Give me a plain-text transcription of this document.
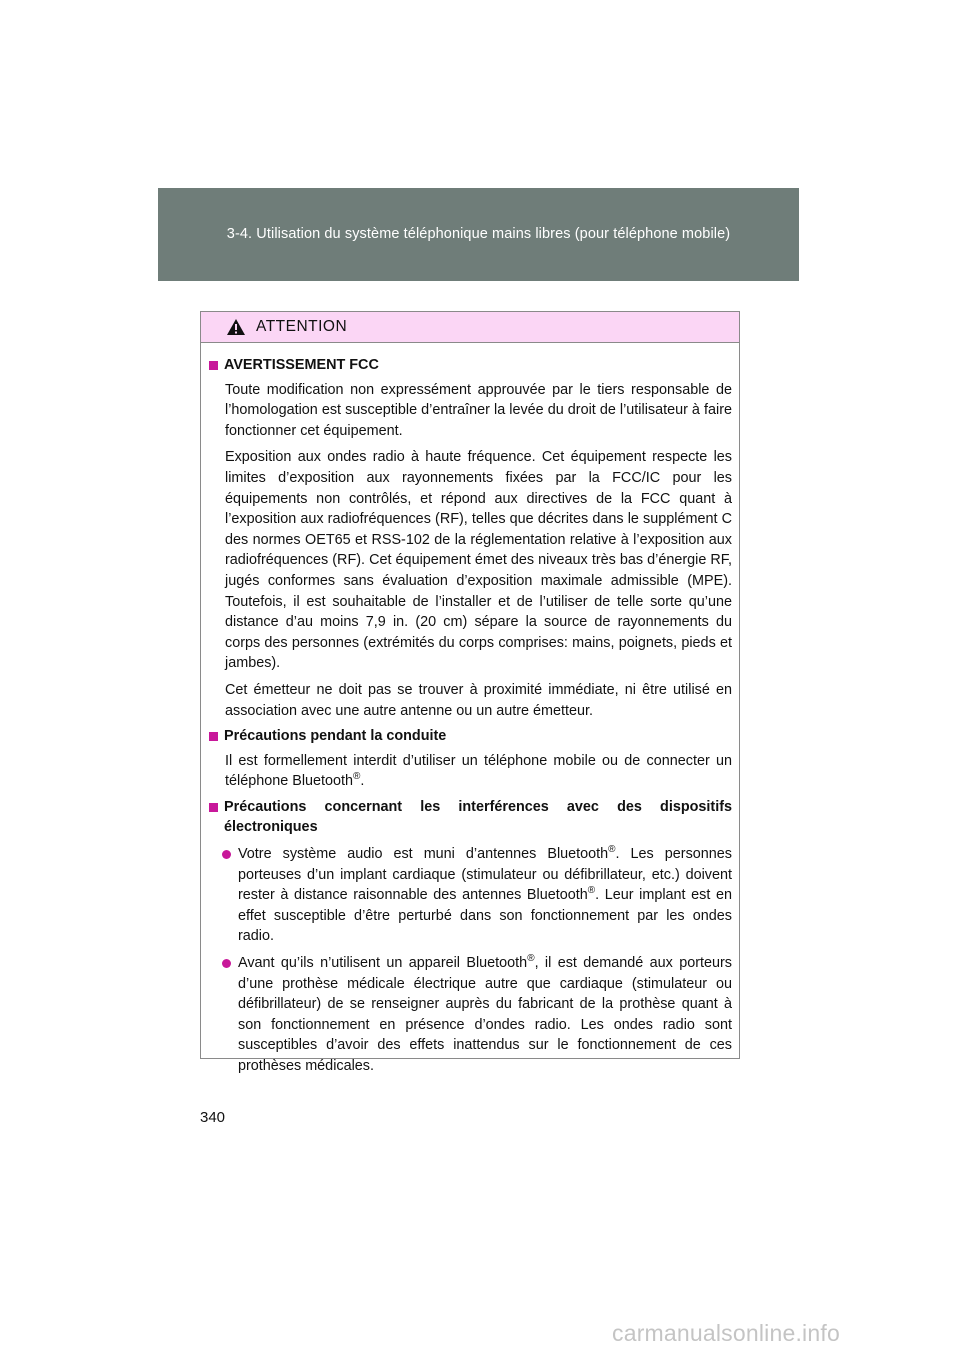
3-4. Utilisation du système téléphonique mains libres (pour téléphone mobile)
ATTENTION
AVERTISSEMENT FCC
Toute modification non expressément approuvée par le tiers responsable de l’homologation est susceptible d’entraîner la levée du droit de l’utilisateur à faire fonctionner cet équipement.
Exposition aux ondes radio à haute fréquence. Cet équipement respecte les limites d’exposition aux rayonnements fixées par la FCC/IC pour les équipements non contrôlés, et répond aux directives de la FCC quant à l’exposition aux radiofréquences (RF), telles que décrites dans le supplément C des normes OET65 et RSS-102 de la réglementation relative à l’exposition aux radiofréquences (RF). Cet équipement émet des niveaux très bas d’énergie RF, jugés conformes sans évaluation d’exposition maximale admissible (MPE). Toutefois, il est souhaitable de l’installer et de l’utiliser de telle sorte qu’une distance d’au moins 7,9 in. (20 cm) sépare la source de rayonnements du corps des personnes (extrémités du corps comprises: mains, poignets, pieds et jambes).
Cet émetteur ne doit pas se trouver à proximité immédiate, ni être utilisé en association avec une autre antenne ou un autre émetteur.
Précautions pendant la conduite
Il est formellement interdit d’utiliser un téléphone mobile ou de connecter un téléphone Bluetooth®.
Précautions concernant les interférences avec des dispositifs électroniques
Votre système audio est muni d’antennes Bluetooth®. Les personnes porteuses d’un implant cardiaque (stimulateur ou défibrillateur, etc.) doivent rester à distance raisonnable des antennes Bluetooth®. Leur implant est en effet susceptible d’être perturbé dans son fonctionnement par les ondes radio.
Avant qu’ils n’utilisent un appareil Bluetooth®, il est demandé aux porteurs d’une prothèse médicale électrique autre que cardiaque (stimulateur ou défibrillateur) de se renseigner auprès du fabricant de la prothèse quant à son fonctionnement en présence d’ondes radio. Les ondes radio sont susceptibles d’avoir des effets inattendus sur le fonctionnement de ces prothèses médicales.
340
carmanualsonline.info
